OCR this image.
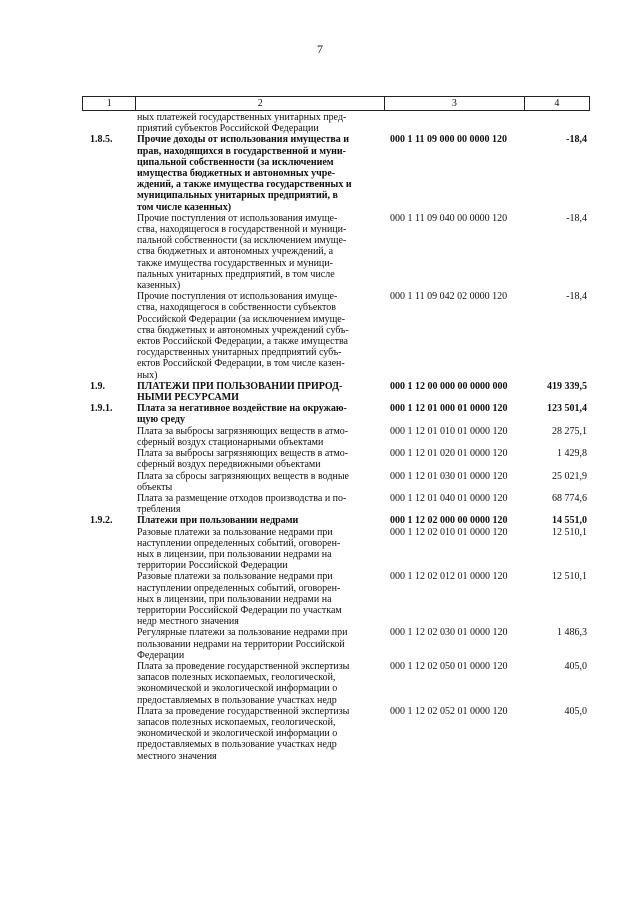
7
1	2	3	4
ных платежей государственных унитарных пред-
приятий субъектов Российской Федерации
1.8.5.	Прочие доходы от использования имущества и
прав, находящихся в государственной и муни-
ципальной собственности (за исключением
имущества бюджетных и автономных учре-
ждений, а также имущества государственных и
муниципальных унитарных предприятий, в
том числе казенных)
000 1 11 09 000 00 0000 120	-18,4
Прочие поступления от использования имуще-
ства, находящегося в государственной и муници-
пальной собственности (за исключением имуще-
ства бюджетных и автономных учреждений, а
также имущества государственных и муници-
пальных унитарных предприятий, в том числе
казенных)
000 1 11 09 040 00 0000 120	-18,4
Прочие поступления от использования имуще-
ства, находящегося в собственности субъектов
Российской Федерации (за исключением имуще-
ства бюджетных и автономных учреждений субъ-
ектов Российской Федерации, а также имущества
государственных унитарных предприятий субъ-
ектов Российской Федерации, в том числе казен-
ных)
000 1 11 09 042 02 0000 120	-18,4
1.9.	ПЛАТЕЖИ ПРИ ПОЛЬЗОВАНИИ ПРИРОД-
НЫМИ РЕСУРСАМИ
000 1 12 00 000 00 0000 000	419 339,5
1.9.1.	Плата за негативное воздействие на окружаю-
щую среду
000 1 12 01 000 01 0000 120	123 501,4
Плата за выбросы загрязняющих веществ в атмо-
сферный воздух стационарными объектами
000 1 12 01 010 01 0000 120	28 275,1
Плата за выбросы загрязняющих веществ в атмо-
сферный воздух передвижными объектами
000 1 12 01 020 01 0000 120	1 429,8
Плата за сбросы загрязняющих веществ в водные
объекты
000 1 12 01 030 01 0000 120	25 021,9
Плата за размещение отходов производства и по-
требления
000 1 12 01 040 01 0000 120	68 774,6
1.9.2.	Платежи при пользовании недрами	000 1 12 02 000 00 0000 120	14 551,0
Разовые платежи за пользование недрами при
наступлении определенных событий, оговорен-
ных в лицензии, при пользовании недрами на
территории Российской Федерации
000 1 12 02 010 01 0000 120	12 510,1
Разовые платежи за пользование недрами при
наступлении определенных событий, оговорен-
ных в лицензии, при пользовании недрами на
территории Российской Федерации по участкам
недр местного значения
000 1 12 02 012 01 0000 120	12 510,1
Регулярные платежи за пользование недрами при
пользовании недрами на территории Российской
Федерации
000 1 12 02 030 01 0000 120	1 486,3
Плата за проведение государственной экспертизы
запасов полезных ископаемых, геологической,
экономической и экологической информации о
предоставляемых в пользование участках недр
000 1 12 02 050 01 0000 120	405,0
Плата за проведение государственной экспертизы
запасов полезных ископаемых, геологической,
экономической и экологической информации о
предоставляемых в пользование участках недр
местного значения
000 1 12 02 052 01 0000 120	405,0
